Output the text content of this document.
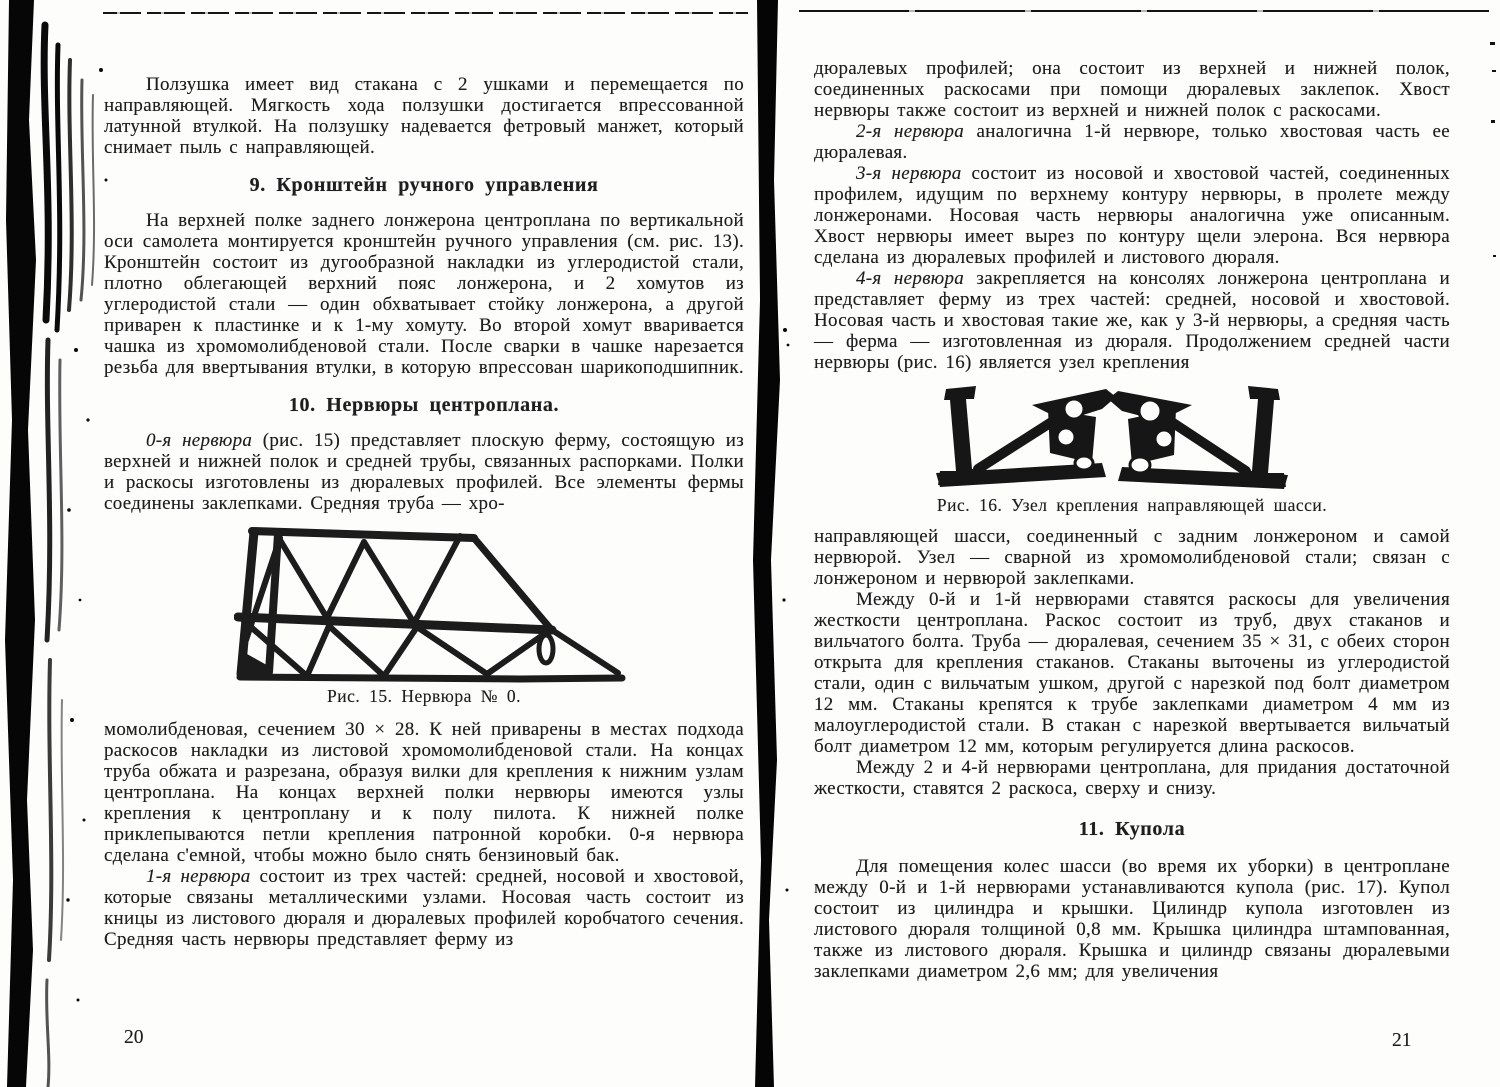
Ползушка имеет вид стакана с 2 ушками и перемещается по направляющей. Мягкость хода ползушки достигается впрессованной латунной втулкой. На ползушку надевается фетровый манжет, который снимает пыль с направляющей.

9. Кронштейн ручного управления

На верхней полке заднего лонжерона центроплана по вертикальной оси самолета монтируется кронштейн ручного управления (см. рис. 13). Кронштейн состоит из дугообразной накладки из углеродистой стали, плотно облегающей верхний пояс лонжерона, и 2 хомутов из углеродистой стали — один обхватывает стойку лонжерона, а другой приварен к пластинке и к 1-му хомуту. Во второй хомут вваривается чашка из хромомолибденовой стали. После сварки в чашке нарезается резьба для ввертывания втулки, в которую впрессован шарикоподшипник.

10. Нервюры центроплана.

0-я нервюра (рис. 15) представляет плоскую ферму, состоящую из верхней и нижней полок и средней трубы, связанных распорками. Полки и раскосы изготовлены из дюралевых профилей. Все элементы фермы соединены заклепками. Средняя труба — хро-

Рис. 15. Нервюра № 0.

момолибденовая, сечением 30 × 28. К ней приварены в местах подхода раскосов накладки из листовой хромомолибденовой стали. На концах труба обжата и разрезана, образуя вилки для крепления к нижним узлам центроплана. На концах верхней полки нервюры имеются узлы крепления к центроплану и к полу пилота. К нижней полке приклепываются петли крепления патронной коробки. 0-я нервюра сделана с'емной, чтобы можно было снять бензиновый бак.

1-я нервюра состоит из трех частей: средней, носовой и хвостовой, которые связаны металлическими узлами. Носовая часть состоит из кницы из листового дюраля и дюралевых профилей коробчатого сечения. Средняя часть нервюры представляет ферму из

20

дюралевых профилей; она состоит из верхней и нижней полок, соединенных раскосами при помощи дюралевых заклепок. Хвост нервюры также состоит из верхней и нижней полок с раскосами.

2-я нервюра аналогична 1-й нервюре, только хвостовая часть ее дюралевая.

3-я нервюра состоит из носовой и хвостовой частей, соединенных профилем, идущим по верхнему контуру нервюры, в пролете между лонжеронами. Носовая часть нервюры аналогична уже описанным. Хвост нервюры имеет вырез по контуру щели элерона. Вся нервюра сделана из дюралевых профилей и листового дюраля.

4-я нервюра закрепляется на консолях лонжерона центроплана и представляет ферму из трех частей: средней, носовой и хвостовой. Носовая часть и хвостовая такие же, как у 3-й нервюры, а средняя часть — ферма — изготовленная из дюраля. Продолжением средней части нервюры (рис. 16) является узел крепления

Рис. 16. Узел крепления направляющей шасси.

направляющей шасси, соединенный с задним лонжероном и самой нервюрой. Узел — сварной из хромомолибденовой стали; связан с лонжероном и нервюрой заклепками.

Между 0-й и 1-й нервюрами ставятся раскосы для увеличения жесткости центроплана. Раскос состоит из труб, двух стаканов и вильчатого болта. Труба — дюралевая, сечением 35 × 31, с обеих сторон открыта для крепления стаканов. Стаканы выточены из углеродистой стали, один с вильчатым ушком, другой с нарезкой под болт диаметром 12 мм. Стаканы крепятся к трубе заклепками диаметром 4 мм из малоуглеродистой стали. В стакан с нарезкой ввертывается вильчатый болт диаметром 12 мм, которым регулируется длина раскосов.

Между 2 и 4-й нервюрами центроплана, для придания достаточной жесткости, ставятся 2 раскоса, сверху и снизу.

11. Купола

Для помещения колес шасси (во время их уборки) в центроплане между 0-й и 1-й нервюрами устанавливаются купола (рис. 17). Купол состоит из цилиндра и крышки. Цилиндр купола изготовлен из листового дюраля толщиной 0,8 мм. Крышка цилиндра штампованная, также из листового дюраля. Крышка и цилиндр связаны дюралевыми заклепками диаметром 2,6 мм; для увеличения

21
